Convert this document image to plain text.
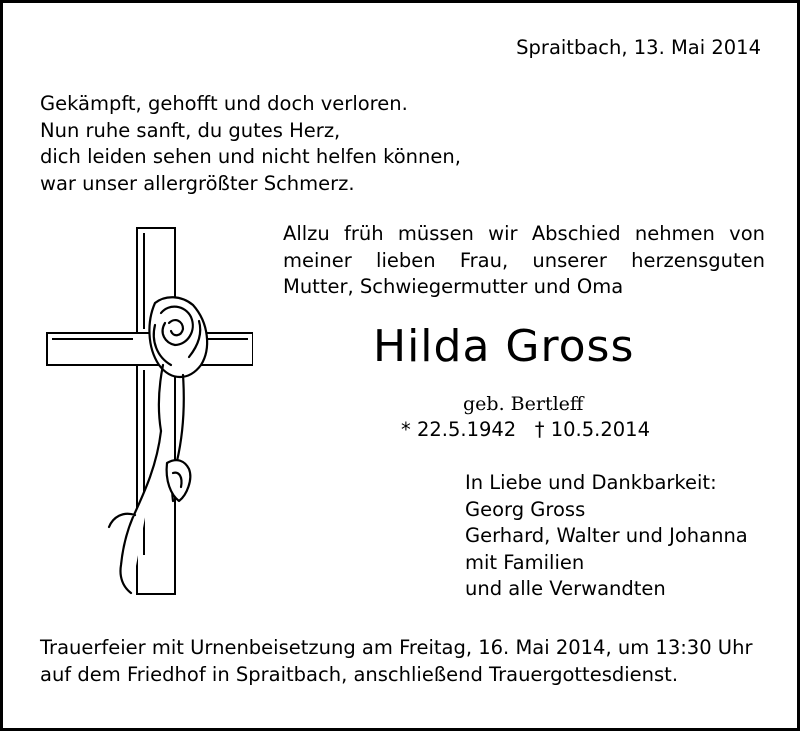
Spraitbach, 13. Mai 2014
Gekämpft, gehofft und doch verloren.
Nun ruhe sanft, du gutes Herz,
dich leiden sehen und nicht helfen können,
war unser allergrößter Schmerz.
Allzu früh müssen wir Abschied nehmen von
meiner lieben Frau, unserer herzensguten
Mutter, Schwiegermutter und Oma
Hilda Gross
geb. Bertleff
* 22.5.1942   † 10.5.2014
In Liebe und Dankbarkeit:
Georg Gross
Gerhard, Walter und Johanna
mit Familien
und alle Verwandten
Trauerfeier mit Urnenbeisetzung am Freitag, 16. Mai 2014, um 13:30 Uhr
auf dem Friedhof in Spraitbach, anschließend Trauergottesdienst.
